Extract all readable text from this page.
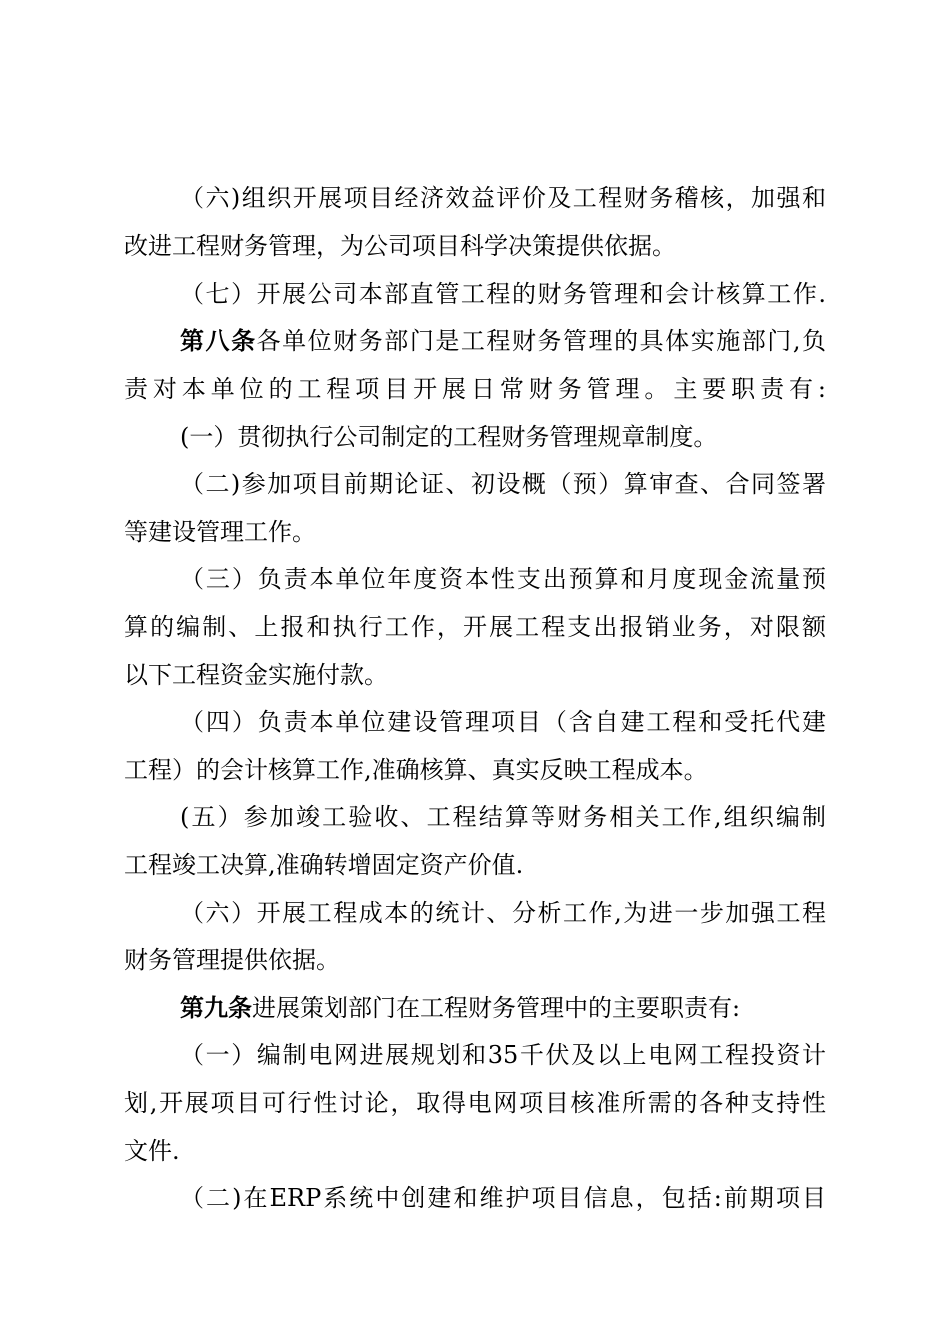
（六)组织开展项目经济效益评价及工程财务稽核，加强和
改进工程财务管理，为公司项目科学决策提供依据。
（七）开展公司本部直管工程的财务管理和会计核算工作.
第八条各单位财务部门是工程财务管理的具体实施部门,负
责对本单位的工程项目开展日常财务管理。主要职责有:
(一）贯彻执行公司制定的工程财务管理规章制度。
（二)参加项目前期论证、初设概（预）算审查、合同签署
等建设管理工作。
（三）负责本单位年度资本性支出预算和月度现金流量预
算的编制、上报和执行工作，开展工程支出报销业务，对限额
以下工程资金实施付款。
（四）负责本单位建设管理项目（含自建工程和受托代建
工程）的会计核算工作,准确核算、真实反映工程成本。
(五）参加竣工验收、工程结算等财务相关工作,组织编制
工程竣工决算,准确转增固定资产价值.
（六）开展工程成本的统计、分析工作,为进一步加强工程
财务管理提供依据。
第九条进展策划部门在工程财务管理中的主要职责有:
（一）编制电网进展规划和35千伏及以上电网工程投资计
划,开展项目可行性讨论，取得电网项目核准所需的各种支持性
文件.
（二)在ERP系统中创建和维护项目信息，包括:前期项目
